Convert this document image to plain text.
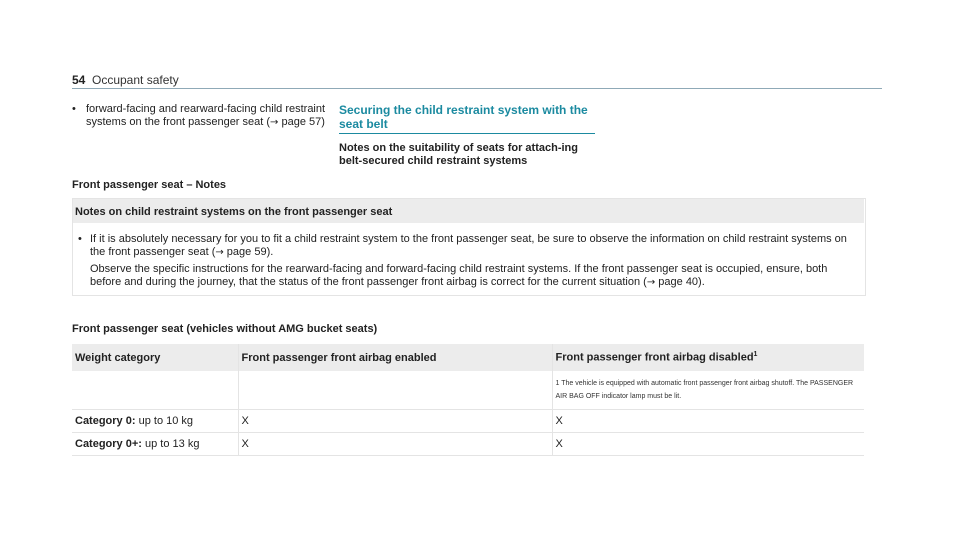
54 Occupant safety
• forward-facing and rearward-facing child restraint systems on the front passenger seat (→ page 57)
Securing the child restraint system with the seat belt
Notes on the suitability of seats for attach-ing belt-secured child restraint systems
Front passenger seat – Notes
Notes on child restraint systems on the front passenger seat
• If it is absolutely necessary for you to fit a child restraint system to the front passenger seat, be sure to observe the information on child restraint systems on the front passenger seat (→ page 59).
Observe the specific instructions for the rearward-facing and forward-facing child restraint systems. If the front passenger seat is occupied, ensure, both before and during the journey, that the status of the front passenger front airbag is correct for the current situation (→ page 40).
Front passenger seat (vehicles without AMG bucket seats)
Weight category	Front passenger front airbag enabled	Front passenger front airbag disabled$^1$
		1 The vehicle is equipped with automatic front passenger front airbag shutoff. The PASSENGER AIR BAG OFF indicator lamp must be lit.
Category 0: up to 10 kg	X	X
Category 0+: up to 13 kg	X	X
